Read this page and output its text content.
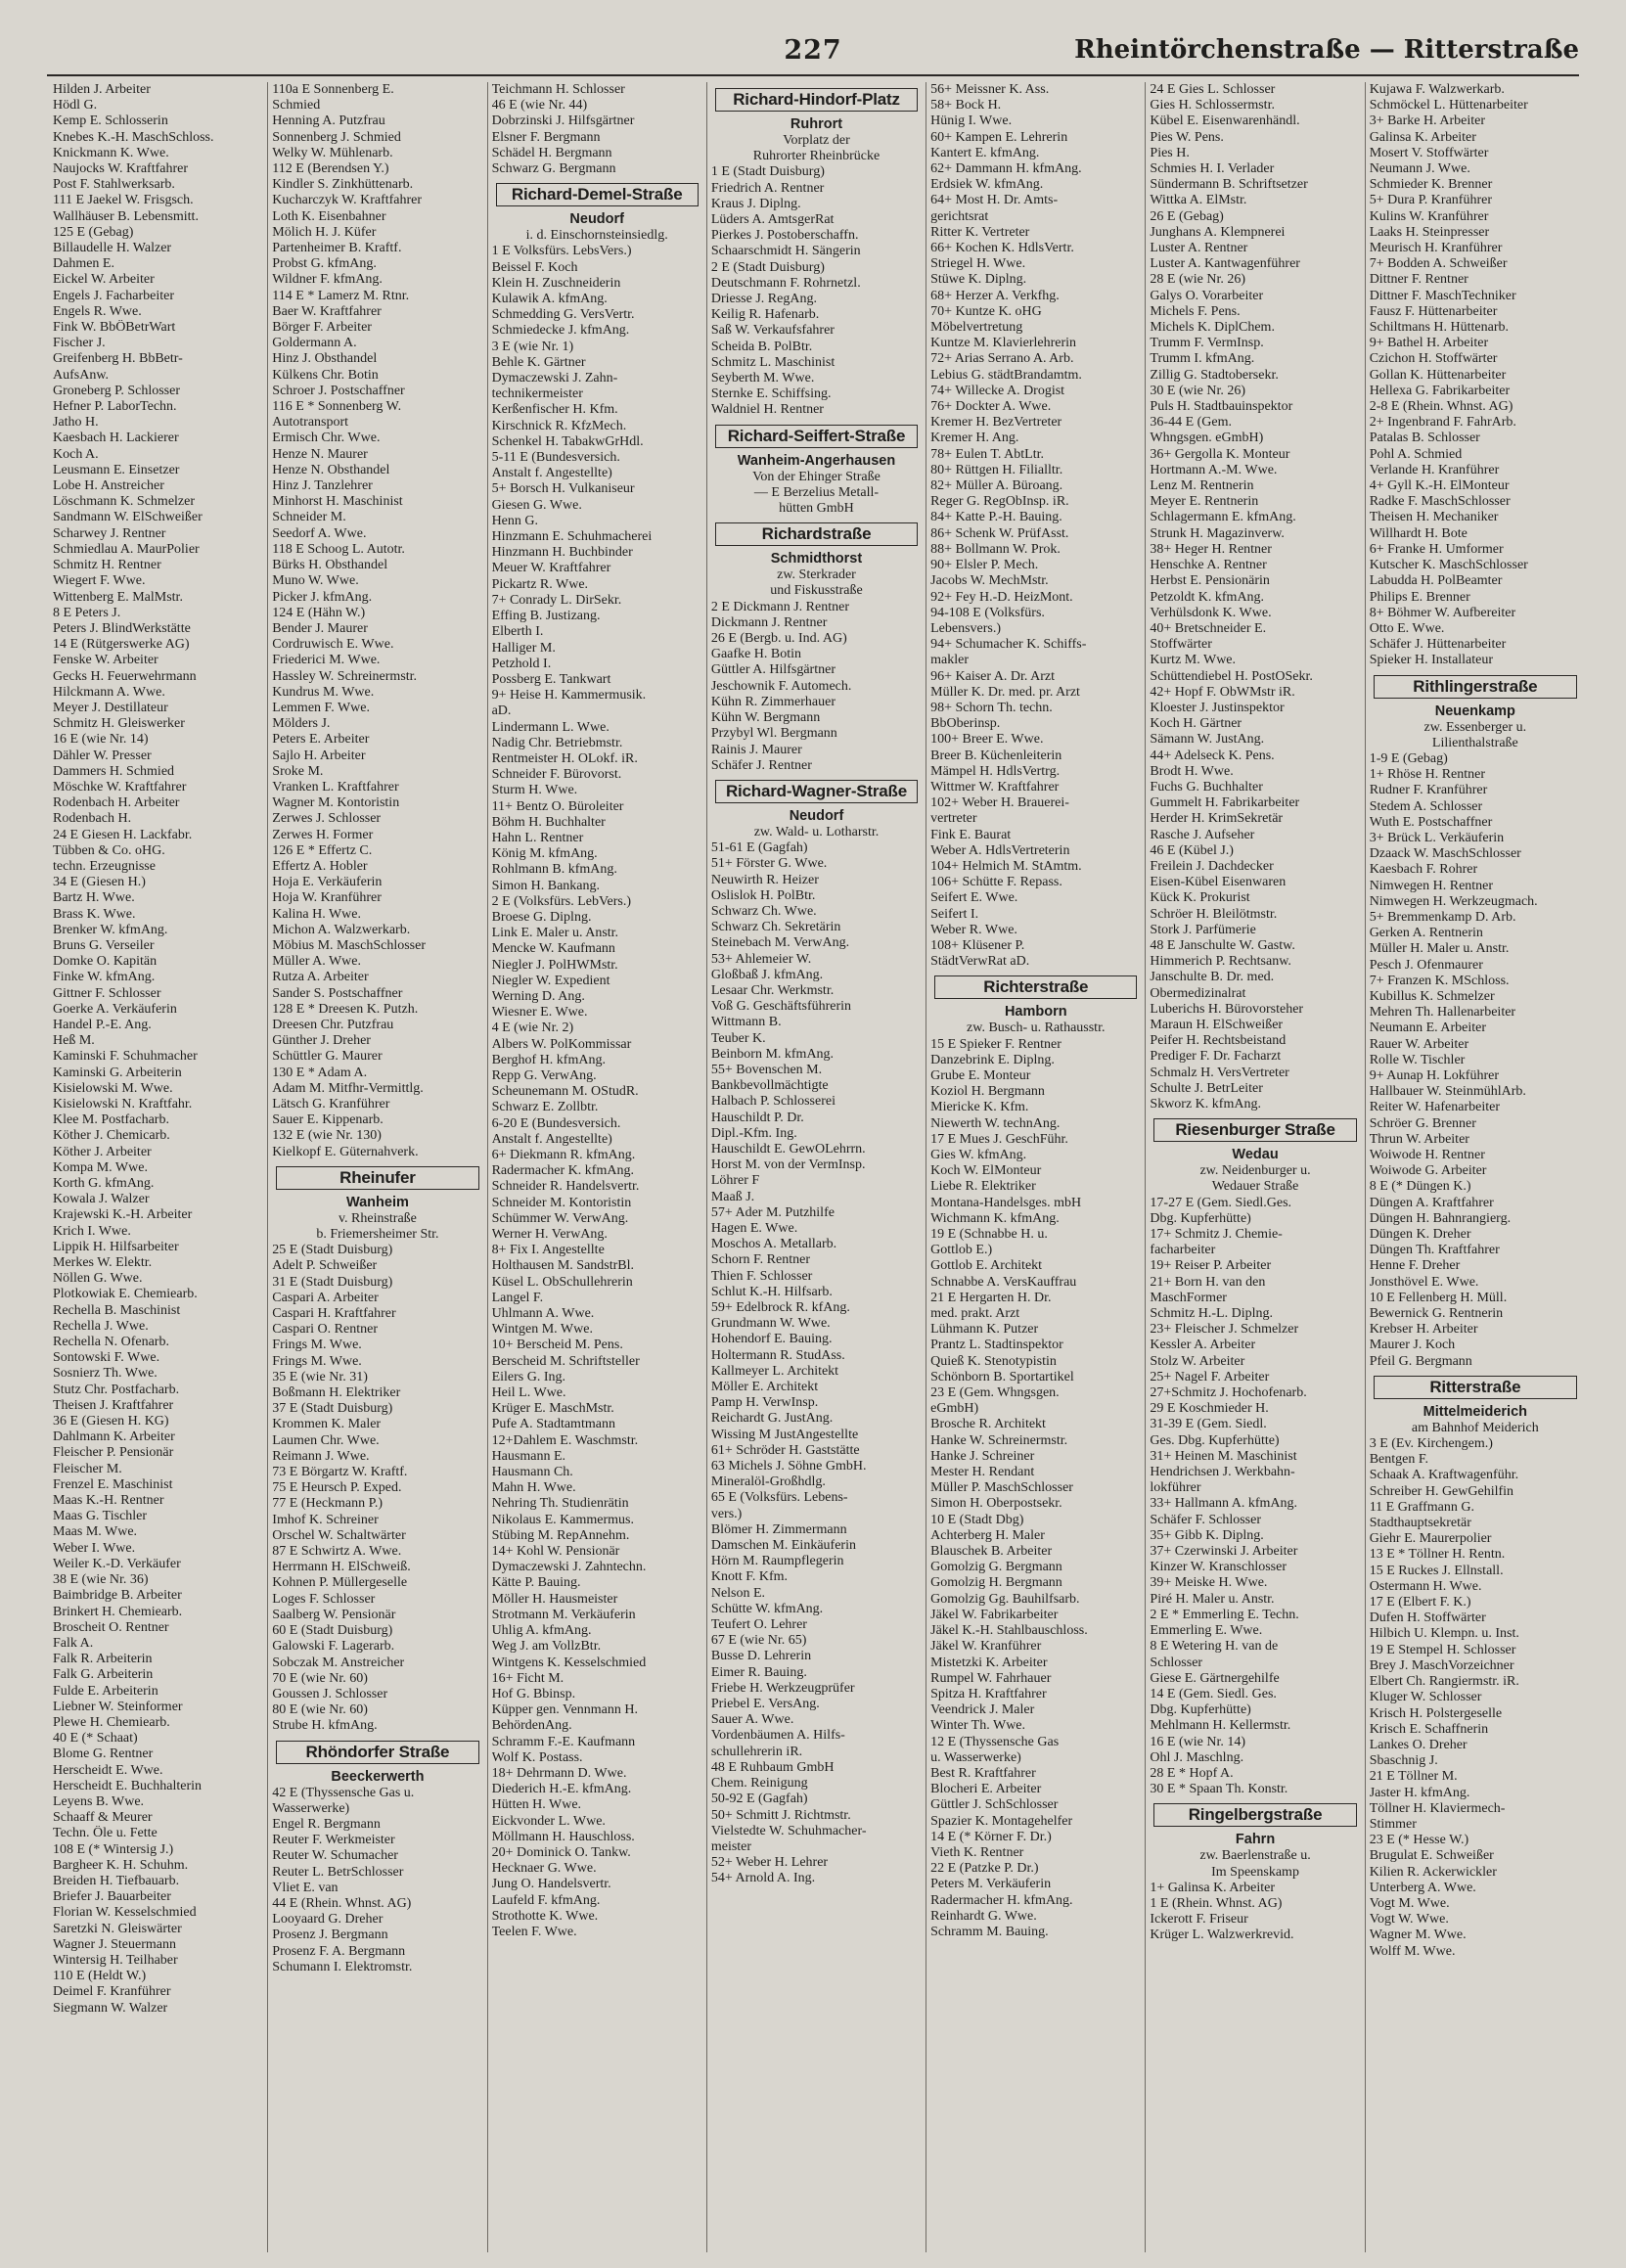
227	Rheintörchenstraße — Ritterstraße
Hilden J. Arbeiter
Hödl G.
Kemp E. Schlosserin
Knebes K.-H. MaschSchloss.
Knickmann K. Wwe.
Naujocks W. Kraftfahrer
Post F. Stahlwerksarb.
111 E Jaekel W. Frisgsch.
Wallhäuser B. Lebensmitt.
125 E (Gebag)
Billaudelle H. Walzer
Dahmen E.
Eickel W. Arbeiter
Engels J. Facharbeiter
Engels R. Wwe.
Fink W. BbÖBetrWart
Fischer J.
Greifenberg H. BbBetr-
AufsAnw.
Groneberg P. Schlosser
Hefner P. LaborTechn.
Jatho H.
Kaesbach H. Lackierer
Koch A.
Leusmann E. Einsetzer
Lobe H. Anstreicher
Löschmann K. Schmelzer
Sandmann W. ElSchweißer
Scharwey J. Rentner
Schmiedlau A. MaurPolier
Schmitz H. Rentner
Wiegert F. Wwe.
Wittenberg E. MalMstr.
8 E Peters J.
Peters J. BlindWerkstätte
14 E (Rütgerswerke AG)
Fenske W. Arbeiter
Gecks H. Feuerwehrmann
Hilckmann A. Wwe.
Meyer J. Destillateur
Schmitz H. Gleiswerker
16 E (wie Nr. 14)
Dähler W. Presser
Dammers H. Schmied
Möschke W. Kraftfahrer
Rodenbach H. Arbeiter
Rodenbach H.
24 E Giesen H. Lackfabr.
Tübben & Co. oHG.
techn. Erzeugnisse
34 E (Giesen H.)
Bartz H. Wwe.
Brass K. Wwe.
Brenker W. kfmAng.
Bruns G. Verseiler
Domke O. Kapitän
Finke W. kfmAng.
Gittner F. Schlosser
Goerke A. Verkäuferin
Handel P.-E. Ang.
Heß M.
Kaminski F. Schuhmacher
Kaminski G. Arbeiterin
Kisielowski M. Wwe.
Kisielowski N. Kraftfahr.
Klee M. Postfacharb.
Köther J. Chemicarb.
Köther J. Arbeiter
Kompa M. Wwe.
Korth G. kfmAng.
Kowala J. Walzer
Krajewski K.-H. Arbeiter
Krich I. Wwe.
Lippik H. Hilfsarbeiter
Merkes W. Elektr.
Nöllen G. Wwe.
Plotkowiak E. Chemiearb.
Rechella B. Maschinist
Rechella J. Wwe.
Rechella N. Ofenarb.
Sontowski F. Wwe.
Sosnierz Th. Wwe.
Stutz Chr. Postfacharb.
Theisen J. Kraftfahrer
36 E (Giesen H. KG)
Dahlmann K. Arbeiter
Fleischer P. Pensionär
Fleischer M.
Frenzel E. Maschinist
Maas K.-H. Rentner
Maas G. Tischler
Maas M. Wwe.
Weber I. Wwe.
Weiler K.-D. Verkäufer
38 E (wie Nr. 36)
Baimbridge B. Arbeiter
Brinkert H. Chemiearb.
Broscheit O. Rentner
Falk A.
Falk R. Arbeiterin
Falk G. Arbeiterin
Fulde E. Arbeiterin
Liebner W. Steinformer
Plewe H. Chemiearb.
40 E (* Schaat)
Blome G. Rentner
Herscheidt E. Wwe.
Herscheidt E. Buchhalterin
Leyens B. Wwe.
Schaaff & Meurer
Techn. Öle u. Fette
108 E (* Wintersig J.)
Bargheer K. H. Schuhm.
Breiden H. Tiefbauarb.
Briefer J. Bauarbeiter
Florian W. Kesselschmied
Saretzki N. Gleiswärter
Wagner J. Steuermann
Wintersig H. Teilhaber
110 E (Heldt W.)
Deimel F. Kranführer
Siegmann W. Walzer
110a E Sonnenberg E.
Schmied
Henning A. Putzfrau
Sonnenberg J. Schmied
Welky W. Mühlenarb.
112 E (Berendsen Y.)
Kindler S. Zinkhüttenarb.
Kucharczyk W. Kraftfahrer
Loth K. Eisenbahner
Mölich H. J. Küfer
Partenheimer B. Kraftf.
Probst G. kfmAng.
Wildner F. kfmAng.
114 E * Lamerz M. Rtnr.
Baer W. Kraftfahrer
Börger F. Arbeiter
Goldermann A.
Hinz J. Obsthandel
Külkens Chr. Botin
Schroer J. Postschaffner
116 E * Sonnenberg W.
Autotransport
Ermisch Chr. Wwe.
Henze N. Maurer
Henze N. Obsthandel
Hinz J. Tanzlehrer
Minhorst H. Maschinist
Schneider M.
Seedorf A. Wwe.
118 E Schoog L. Autotr.
Bürks H. Obsthandel
Muno W. Wwe.
Picker J. kfmAng.
124 E (Hähn W.)
Bender J. Maurer
Cordruwisch E. Wwe.
Friederici M. Wwe.
Hassley W. Schreinermstr.
Kundrus M. Wwe.
Lemmen F. Wwe.
Mölders J.
Peters E. Arbeiter
Sajlo H. Arbeiter
Sroke M.
Vranken L. Kraftfahrer
Wagner M. Kontoristin
Zerwes J. Schlosser
Zerwes H. Former
126 E * Effertz C.
Effertz A. Hobler
Hoja E. Verkäuferin
Hoja W. Kranführer
Kalina H. Wwe.
Michon A. Walzwerkarb.
Möbius M. MaschSchlosser
Müller A. Wwe.
Rutza A. Arbeiter
Sander S. Postschaffner
128 E * Dreesen K. Putzh.
Dreesen Chr. Putzfrau
Günther J. Dreher
Schüttler G. Maurer
130 E * Adam A.
Adam M. Mitfhr-Vermittlg.
Lätsch G. Kranführer
Sauer E. Kippenarb.
132 E (wie Nr. 130)
Kielkopf E. Güternahverk.
Rheinufer
Wanheim
v. Rheinstraße
b. Friemersheimer Str.
25 E (Stadt Duisburg)
Adelt P. Schweißer
31 E (Stadt Duisburg)
Caspari A. Arbeiter
Caspari H. Kraftfahrer
Caspari O. Rentner
Frings M. Wwe.
Frings M. Wwe.
35 E (wie Nr. 31)
Boßmann H. Elektriker
37 E (Stadt Duisburg)
Krommen K. Maler
Laumen Chr. Wwe.
Reimann J. Wwe.
73 E Börgartz W. Kraftf.
75 E Heursch P. Exped.
77 E (Heckmann P.)
Imhof K. Schreiner
Orschel W. Schaltwärter
87 E Schwirtz A. Wwe.
Herrmann H. ElSchweiß.
Kohnen P. Müllergeselle
Loges F. Schlosser
Saalberg W. Pensionär
60 E (Stadt Duisburg)
Galowski F. Lagerarb.
Sobczak M. Anstreicher
70 E (wie Nr. 60)
Goussen J. Schlosser
80 E (wie Nr. 60)
Strube H. kfmAng.
Rhöndorfer Straße
Beeckerwerth
42 E (Thyssensche Gas u.
Wasserwerke)
Engel R. Bergmann
Reuter F. Werkmeister
Reuter W. Schumacher
Reuter L. BetrSchlosser
Vliet E. van
44 E (Rhein. Whnst. AG)
Looyaard G. Dreher
Prosenz J. Bergmann
Prosenz F. A. Bergmann
Schumann I. Elektromstr.
Teichmann H. Schlosser
46 E (wie Nr. 44)
Dobrzinski J. Hilfsgärtner
Elsner F. Bergmann
Schädel H. Bergmann
Schwarz G. Bergmann
Richard-Demel-Straße
Neudorf
i. d. Einschornsteinsiedlg.
1 E Volksfürs. LebsVers.)
Beissel F. Koch
Klein H. Zuschneiderin
Kulawik A. kfmAng.
Schmedding G. VersVertr.
Schmiedecke J. kfmAng.
3 E (wie Nr. 1)
Behle K. Gärtner
Dymaczewski J. Zahn-
technikermeister
Kerßenfischer H. Kfm.
Kirschnick R. KfzMech.
Schenkel H. TabakwGrHdl.
5-11 E (Bundesversich.
Anstalt f. Angestellte)
5+ Borsch H. Vulkaniseur
Giesen G. Wwe.
Henn G.
Hinzmann E. Schuhmacherei
Hinzmann H. Buchbinder
Meuer W. Kraftfahrer
Pickartz R. Wwe.
7+ Conrady L. DirSekr.
Effing B. Justizang.
Elberth I.
Halliger M.
Petzhold I.
Possberg E. Tankwart
9+ Heise H. Kammermusik.
aD.
Lindermann L. Wwe.
Nadig Chr. Betriebmstr.
Rentmeister H. OLokf. iR.
Schneider F. Bürovorst.
Sturm H. Wwe.
11+ Bentz O. Büroleiter
Böhm H. Buchhalter
Hahn L. Rentner
König M. kfmAng.
Rohlmann B. kfmAng.
Simon H. Bankang.
2 E (Volksfürs. LebVers.)
Broese G. Diplng.
Link E. Maler u. Anstr.
Mencke W. Kaufmann
Niegler J. PolHWMstr.
Niegler W. Expedient
Werning D. Ang.
Wiesner E. Wwe.
4 E (wie Nr. 2)
Albers W. PolKommissar
Berghof H. kfmAng.
Repp G. VerwAng.
Scheunemann M. OStudR.
Schwarz E. Zollbtr.
6-20 E (Bundesversich.
Anstalt f. Angestellte)
6+ Diekmann R. kfmAng.
Radermacher K. kfmAng.
Schneider R. Handelsvertr.
Schneider M. Kontoristin
Schümmer W. VerwAng.
Werner H. VerwAng.
8+ Fix I. Angestellte
Holthausen M. SandstrBl.
Küsel L. ObSchullehrerin
Langel F.
Uhlmann A. Wwe.
Wintgen M. Wwe.
10+ Berscheid M. Pens.
Berscheid M. Schriftsteller
Eilers G. Ing.
Heil L. Wwe.
Krüger E. MaschMstr.
Pufe A. Stadtamtmann
12+Dahlem E. Waschmstr.
Hausmann E.
Hausmann Ch.
Mahn H. Wwe.
Nehring Th. Studienrätin
Nikolaus E. Kammermus.
Stübing M. RepAnnehm.
14+ Kohl W. Pensionär
Dymaczewski J. Zahntechn.
Kätte P. Bauing.
Möller H. Hausmeister
Strotmann M. Verkäuferin
Uhlig A. kfmAng.
Weg J. am VollzBtr.
Wintgens K. Kesselschmied
16+ Ficht M.
Hof G. Bbinsp.
Küpper gen. Vennmann H.
BehördenAng.
Schramm F.-E. Kaufmann
Wolf K. Postass.
18+ Dehrmann D. Wwe.
Diederich H.-E. kfmAng.
Hütten H. Wwe.
Eickvonder L. Wwe.
Möllmann H. Hauschloss.
20+ Dominick O. Tankw.
Hecknaer G. Wwe.
Jung O. Handelsvertr.
Laufeld F. kfmAng.
Strothotte K. Wwe.
Teelen F. Wwe.
Richard-Hindorf-Platz
Ruhrort
Vorplatz der
Ruhrorter Rheinbrücke
1 E (Stadt Duisburg)
Friedrich A. Rentner
Kraus J. Diplng.
Lüders A. AmtsgerRat
Pierkes J. Postoberschaffn.
Schaarschmidt H. Sängerin
2 E (Stadt Duisburg)
Deutschmann F. Rohrnetzl.
Driesse J. RegAng.
Keilig R. Hafenarb.
Saß W. Verkaufsfahrer
Scheida B. PolBtr.
Schmitz L. Maschinist
Seyberth M. Wwe.
Sternke E. Schiffsing.
Waldniel H. Rentner
Richard-Seiffert-Straße
Wanheim-Angerhausen
Von der Ehinger Straße
— E Berzelius Metall-
hütten GmbH
Richardstraße
Schmidthorst
zw. Sterkrader
und Fiskusstraße
2 E Dickmann J. Rentner
Dickmann J. Rentner
26 E (Bergb. u. Ind. AG)
Gaafke H. Botin
Güttler A. Hilfsgärtner
Jeschownik F. Automech.
Kühn R. Zimmerhauer
Kühn W. Bergmann
Przybyl Wl. Bergmann
Rainis J. Maurer
Schäfer J. Rentner
Richard-Wagner-Straße
Neudorf
zw. Wald- u. Lotharstr.
51-61 E (Gagfah)
51+ Förster G. Wwe.
Neuwirth R. Heizer
Oslislok H. PolBtr.
Schwarz Ch. Wwe.
Schwarz Ch. Sekretärin
Steinebach M. VerwAng.
53+ Ahlemeier W.
Gloßbaß J. kfmAng.
Lesaar Chr. Werkmstr.
Voß G. Geschäftsführerin
Wittmann B.
Teuber K.
Beinborn M. kfmAng.
55+ Bovenschen M.
Bankbevollmächtigte
Halbach P. Schlosserei
Hauschildt P. Dr.
Dipl.-Kfm. Ing.
Hauschildt E. GewOLehrrn.
Horst M. von der VermInsp.
Löhrer F
Maaß J.
57+ Ader M. Putzhilfe
Hagen E. Wwe.
Moschos A. Metallarb.
Schorn F. Rentner
Thien F. Schlosser
Schlut K.-H. Hilfsarb.
59+ Edelbrock R. kfAng.
Grundmann W. Wwe.
Hohendorf E. Bauing.
Holtermann R. StudAss.
Kallmeyer L. Architekt
Möller E. Architekt
Pamp H. VerwInsp.
Reichardt G. JustAng.
Wissing M JustAngestellte
61+ Schröder H. Gaststätte
63 Michels J. Söhne GmbH.
Mineralöl-Großhdlg.
65 E (Volksfürs. Lebens-
vers.)
Blömer H. Zimmermann
Damschen M. Einkäuferin
Hörn M. Raumpflegerin
Knott F. Kfm.
Nelson E.
Schütte W. kfmAng.
Teufert O. Lehrer
67 E (wie Nr. 65)
Busse D. Lehrerin
Eimer R. Bauing.
Friebe H. Werkzeugprüfer
Priebel E. VersAng.
Sauer A. Wwe.
Vordenbäumen A. Hilfs-
schullehrerin iR.
48 E Ruhbaum GmbH
Chem. Reinigung
50-92 E (Gagfah)
50+ Schmitt J. Richtmstr.
Vielstedte W. Schuhmacher-
meister
52+ Weber H. Lehrer
54+ Arnold A. Ing.
56+ Meissner K. Ass.
58+ Bock H.
Hünig I. Wwe.
60+ Kampen E. Lehrerin
Kantert E. kfmAng.
62+ Dammann H. kfmAng.
Erdsiek W. kfmAng.
64+ Most H. Dr. Amts-
gerichtsrat
Ritter K. Vertreter
66+ Kochen K. HdlsVertr.
Striegel H. Wwe.
Stüwe K. Diplng.
68+ Herzer A. Verkfhg.
70+ Kuntze K. oHG
Möbelvertretung
Kuntze M. Klavierlehrerin
72+ Arias Serrano A. Arb.
Lebius G. städtBrandamtm.
74+ Willecke A. Drogist
76+ Dockter A. Wwe.
Kremer H. BezVertreter
Kremer H. Ang.
78+ Eulen T. AbtLtr.
80+ Rüttgen H. Filialltr.
82+ Müller A. Büroang.
Reger G. RegObInsp. iR.
84+ Katte P.-H. Bauing.
86+ Schenk W. PrüfAsst.
88+ Bollmann W. Prok.
90+ Elsler P. Mech.
Jacobs W. MechMstr.
92+ Fey H.-D. HeizMont.
94-108 E (Volksfürs.
Lebensvers.)
94+ Schumacher K. Schiffs-
makler
96+ Kaiser A. Dr. Arzt
Müller K. Dr. med. pr. Arzt
98+ Schorn Th. techn.
BbOberinsp.
100+ Breer E. Wwe.
Breer B. Küchenleiterin
Mämpel H. HdlsVertrg.
Wittmer W. Kraftfahrer
102+ Weber H. Brauerei-
vertreter
Fink E. Baurat
Weber A. HdlsVertreterin
104+ Helmich M. StAmtm.
106+ Schütte F. Repass.
Seifert E. Wwe.
Seifert I.
Weber R. Wwe.
108+ Klüsener P.
StädtVerwRat aD.
Richterstraße
Hamborn
zw. Busch- u. Rathausstr.
15 E Spieker F. Rentner
Danzebrink E. Diplng.
Grube E. Monteur
Koziol H. Bergmann
Miericke K. Kfm.
Niewerth W. technAng.
17 E Mues J. GeschFühr.
Gies W. kfmAng.
Koch W. ElMonteur
Liebe R. Elektriker
Montana-Handelsges. mbH
Wichmann K. kfmAng.
19 E (Schnabbe H. u.
Gottlob E.)
Gottlob E. Architekt
Schnabbe A. VersKauffrau
21 E Hergarten H. Dr.
med. prakt. Arzt
Lühmann K. Putzer
Prantz L. Stadtinspektor
Quieß K. Stenotypistin
Schönborn B. Sportartikel
23 E (Gem. Whngsgen.
eGmbH)
Brosche R. Architekt
Hanke W. Schreinermstr.
Hanke J. Schreiner
Mester H. Rendant
Müller P. MaschSchlosser
Simon H. Oberpostsekr.
10 E (Stadt Dbg)
Achterberg H. Maler
Blauschek B. Arbeiter
Gomolzig G. Bergmann
Gomolzig H. Bergmann
Gomolzig Gg. Bauhilfsarb.
Jäkel W. Fabrikarbeiter
Jäkel K.-H. Stahlbauschloss.
Jäkel W. Kranführer
Mistetzki K. Arbeiter
Rumpel W. Fahrhauer
Spitza H. Kraftfahrer
Veendrick J. Maler
Winter Th. Wwe.
12 E (Thyssensche Gas
u. Wasserwerke)
Best R. Kraftfahrer
Blocheri E. Arbeiter
Güttler J. SchSchlosser
Spazier K. Montagehelfer
14 E (* Körner F. Dr.)
Vieth K. Rentner
22 E (Patzke P. Dr.)
Peters M. Verkäuferin
Radermacher H. kfmAng.
Reinhardt G. Wwe.
Schramm M. Bauing.
24 E Gies L. Schlosser
Gies H. Schlossermstr.
Kübel E. Eisenwarenhändl.
Pies W. Pens.
Pies H.
Schmies H. I. Verlader
Sündermann B. Schriftsetzer
Wittka A. ElMstr.
26 E (Gebag)
Junghans A. Klempnerei
Luster A. Rentner
Luster A. Kantwagenführer
28 E (wie Nr. 26)
Galys O. Vorarbeiter
Michels F. Pens.
Michels K. DiplChem.
Trumm F. VermInsp.
Trumm I. kfmAng.
Zillig G. Stadtobersekr.
30 E (wie Nr. 26)
Puls H. Stadtbauinspektor
36-44 E (Gem.
Whngsgen. eGmbH)
36+ Gergolla K. Monteur
Hortmann A.-M. Wwe.
Lenz M. Rentnerin
Meyer E. Rentnerin
Schlagermann E. kfmAng.
Strunk H. Magazinverw.
38+ Heger H. Rentner
Henschke A. Rentner
Herbst E. Pensionärin
Petzoldt K. kfmAng.
Verhülsdonk K. Wwe.
40+ Bretschneider E.
Stoffwärter
Kurtz M. Wwe.
Schüttendiebel H. PostOSekr.
42+ Hopf F. ObWMstr iR.
Kloester J. Justinspektor
Koch H. Gärtner
Sämann W. JustAng.
44+ Adelseck K. Pens.
Brodt H. Wwe.
Fuchs G. Buchhalter
Gummelt H. Fabrikarbeiter
Herder H. KrimSekretär
Rasche J. Aufseher
46 E (Kübel J.)
Freilein J. Dachdecker
Eisen-Kübel Eisenwaren
Kück K. Prokurist
Schröer H. Bleilötmstr.
Stork J. Parfümerie
48 E Janschulte W. Gastw.
Himmerich P. Rechtsanw.
Janschulte B. Dr. med.
Obermedizinalrat
Luberichs H. Bürovorsteher
Maraun H. ElSchweißer
Peifer H. Rechtsbeistand
Prediger F. Dr. Facharzt
Schmalz H. VersVertreter
Schulte J. BetrLeiter
Skworz K. kfmAng.
Riesenburger Straße
Wedau
zw. Neidenburger u.
Wedauer Straße
17-27 E (Gem. Siedl.Ges.
Dbg. Kupferhütte)
17+ Schmitz J. Chemie-
facharbeiter
19+ Reiser P. Arbeiter
21+ Born H. van den
MaschFormer
Schmitz H.-L. Diplng.
23+ Fleischer J. Schmelzer
Kessler A. Arbeiter
Stolz W. Arbeiter
25+ Nagel F. Arbeiter
27+Schmitz J. Hochofenarb.
29 E Koschmieder H.
31-39 E (Gem. Siedl.
Ges. Dbg. Kupferhütte)
31+ Heinen M. Maschinist
Hendrichsen J. Werkbahn-
lokführer
33+ Hallmann A. kfmAng.
Schäfer F. Schlosser
35+ Gibb K. Diplng.
37+ Czerwinski J. Arbeiter
Kinzer W. Kranschlosser
39+ Meiske H. Wwe.
Piré H. Maler u. Anstr.
2 E * Emmerling E. Techn.
Emmerling E. Wwe.
8 E Wetering H. van de
Schlosser
Giese E. Gärtnergehilfe
14 E (Gem. Siedl. Ges.
Dbg. Kupferhütte)
Mehlmann H. Kellermstr.
16 E (wie Nr. 14)
Ohl J. Maschlng.
28 E * Hopf A.
30 E * Spaan Th. Konstr.
Ringelbergstraße
Fahrn
zw. Baerlenstraße u.
Im Speenskamp
1+ Galinsa K. Arbeiter
1 E (Rhein. Whnst. AG)
Ickerott F. Friseur
Krüger L. Walzwerkrevid.
Kujawa F. Walzwerkarb.
Schmöckel L. Hüttenarbeiter
3+ Barke H. Arbeiter
Galinsa K. Arbeiter
Mosert V. Stoffwärter
Neumann J. Wwe.
Schmieder K. Brenner
5+ Dura P. Kranführer
Kulins W. Kranführer
Laaks H. Steinpresser
Meurisch H. Kranführer
7+ Bodden A. Schweißer
Dittner F. Rentner
Dittner F. MaschTechniker
Fausz F. Hüttenarbeiter
Schiltmans H. Hüttenarb.
9+ Bathel H. Arbeiter
Czichon H. Stoffwärter
Gollan K. Hüttenarbeiter
Hellexa G. Fabrikarbeiter
2-8 E (Rhein. Whnst. AG)
2+ Ingenbrand F. FahrArb.
Patalas B. Schlosser
Pohl A. Schmied
Verlande H. Kranführer
4+ Gyll K.-H. ElMonteur
Radke F. MaschSchlosser
Theisen H. Mechaniker
Willhardt H. Bote
6+ Franke H. Umformer
Kutscher K. MaschSchlosser
Labudda H. PolBeamter
Philips E. Brenner
8+ Böhmer W. Aufbereiter
Otto E. Wwe.
Schäfer J. Hüttenarbeiter
Spieker H. Installateur
Rithlingerstraße
Neuenkamp
zw. Essenberger u.
Lilienthalstraße
1-9 E (Gebag)
1+ Rhöse H. Rentner
Rudner F. Kranführer
Stedem A. Schlosser
Wuth E. Postschaffner
3+ Brück L. Verkäuferin
Dzaack W. MaschSchlosser
Kaesbach F. Rohrer
Nimwegen H. Rentner
Nimwegen H. Werkzeugmach.
5+ Bremmenkamp D. Arb.
Gerken A. Rentnerin
Müller H. Maler u. Anstr.
Pesch J. Ofenmaurer
7+ Franzen K. MSchloss.
Kubillus K. Schmelzer
Mehren Th. Hallenarbeiter
Neumann E. Arbeiter
Rauer W. Arbeiter
Rolle W. Tischler
9+ Aunap H. Lokführer
Hallbauer W. SteinmühlArb.
Reiter W. Hafenarbeiter
Schröer G. Brenner
Thrun W. Arbeiter
Woiwode H. Rentner
Woiwode G. Arbeiter
8 E (* Düngen K.)
Düngen A. Kraftfahrer
Düngen H. Bahnrangierg.
Düngen K. Dreher
Düngen Th. Kraftfahrer
Henne F. Dreher
Jonsthövel E. Wwe.
10 E Fellenberg H. Müll.
Bewernick G. Rentnerin
Krebser H. Arbeiter
Maurer J. Koch
Pfeil G. Bergmann
Ritterstraße
Mittelmeiderich
am Bahnhof Meiderich
3 E (Ev. Kirchengem.)
Bentgen F.
Schaak A. Kraftwagenführ.
Schreiber H. GewGehilfin
11 E Graffmann G.
Stadthauptsekretär
Giehr E. Maurerpolier
13 E * Töllner H. Rentn.
15 E Ruckes J. Ellnstall.
Ostermann H. Wwe.
17 E (Elbert F. K.)
Dufen H. Stoffwärter
Hilbich U. Klempn. u. Inst.
19 E Stempel H. Schlosser
Brey J. MaschVorzeichner
Elbert Ch. Rangiermstr. iR.
Kluger W. Schlosser
Krisch H. Polstergeselle
Krisch E. Schaffnerin
Lankes O. Dreher
Sbaschnig J.
21 E Töllner M.
Jaster H. kfmAng.
Töllner H. Klaviermech-
Stimmer
23 E (* Hesse W.)
Brugulat E. Schweißer
Kilien R. Ackerwickler
Unterberg A. Wwe.
Vogt M. Wwe.
Vogt W. Wwe.
Wagner M. Wwe.
Wolff M. Wwe.
